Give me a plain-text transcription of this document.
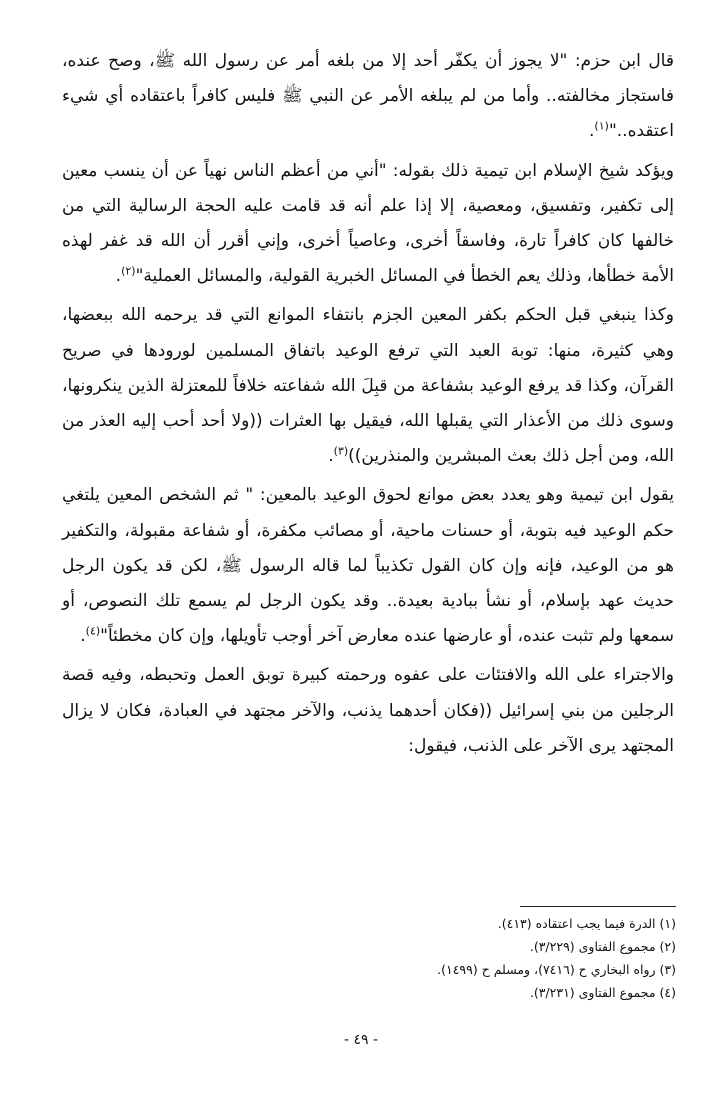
قال ابن حزم: "لا يجوز أن يكفّر أحد إلا من بلغه أمر عن رسول الله ﷺ، وصح عنده، فاستجاز مخالفته.. وأما من لم يبلغه الأمر عن النبي ﷺ فليس كافراً باعتقاده أي شيء اعتقده.."$^{(١)}$.

ويؤكد شيخ الإسلام ابن تيمية ذلك بقوله: "أني من أعظم الناس نهياً عن أن ينسب معين إلى تكفير، وتفسيق، ومعصية، إلا إذا علم أنه قد قامت عليه الحجة الرسالية التي من خالفها كان كافراً تارة، وفاسقاً أخرى، وعاصياً أخرى، وإني أقرر أن الله قد غفر لهذه الأمة خطأها، وذلك يعم الخطأ في المسائل الخبرية القولية، والمسائل العملية"$^{(٢)}$.

وكذا ينبغي قبل الحكم بكفر المعين الجزم بانتفاء الموانع التي قد يرحمه الله ببعضها، وهي كثيرة، منها: توبة العبد التي ترفع الوعيد باتفاق المسلمين لورودها في صريح القرآن، وكذا قد يرفع الوعيد بشفاعة من قبِلَ الله شفاعته خلافاً للمعتزلة الذين ينكرونها، وسوى ذلك من الأعذار التي يقبلها الله، فيقيل بها العثرات ((ولا أحد أحب إليه العذر من الله، ومن أجل ذلك بعث المبشرين والمنذرين))$^{(٣)}$.

يقول ابن تيمية وهو يعدد بعض موانع لحوق الوعيد بالمعين: " ثم الشخص المعين يلتغي حكم الوعيد فيه بتوبة، أو حسنات ماحية، أو مصائب مكفرة، أو شفاعة مقبولة، والتكفير هو من الوعيد، فإنه وإن كان القول تكذيباً لما قاله الرسول ﷺ، لكن قد يكون الرجل حديث عهد بإسلام، أو نشأ ببادية بعيدة.. وقد يكون الرجل لم يسمع تلك النصوص، أو سمعها ولم تثبت عنده، أو عارضها عنده معارض آخر أوجب تأويلها، وإن كان مخطئاً"$^{(٤)}$.

والاجتراء على الله والافتئات على عفوه ورحمته كبيرة توبق العمل وتحبطه، وفيه قصة الرجلين من بني إسرائيل ((فكان أحدهما يذنب، والآخر مجتهد في العبادة، فكان لا يزال المجتهد يرى الآخر على الذنب، فيقول:

(١) الدرة فيما يجب اعتقاده (٤١٣).

(٢) مجموع الفتاوى (٣/٢٢٩).

(٣) رواه البخاري ح (٧٤١٦)، ومسلم ح (١٤٩٩).

(٤) مجموع الفتاوى (٣/٢٣١).

- ٤٩ -
